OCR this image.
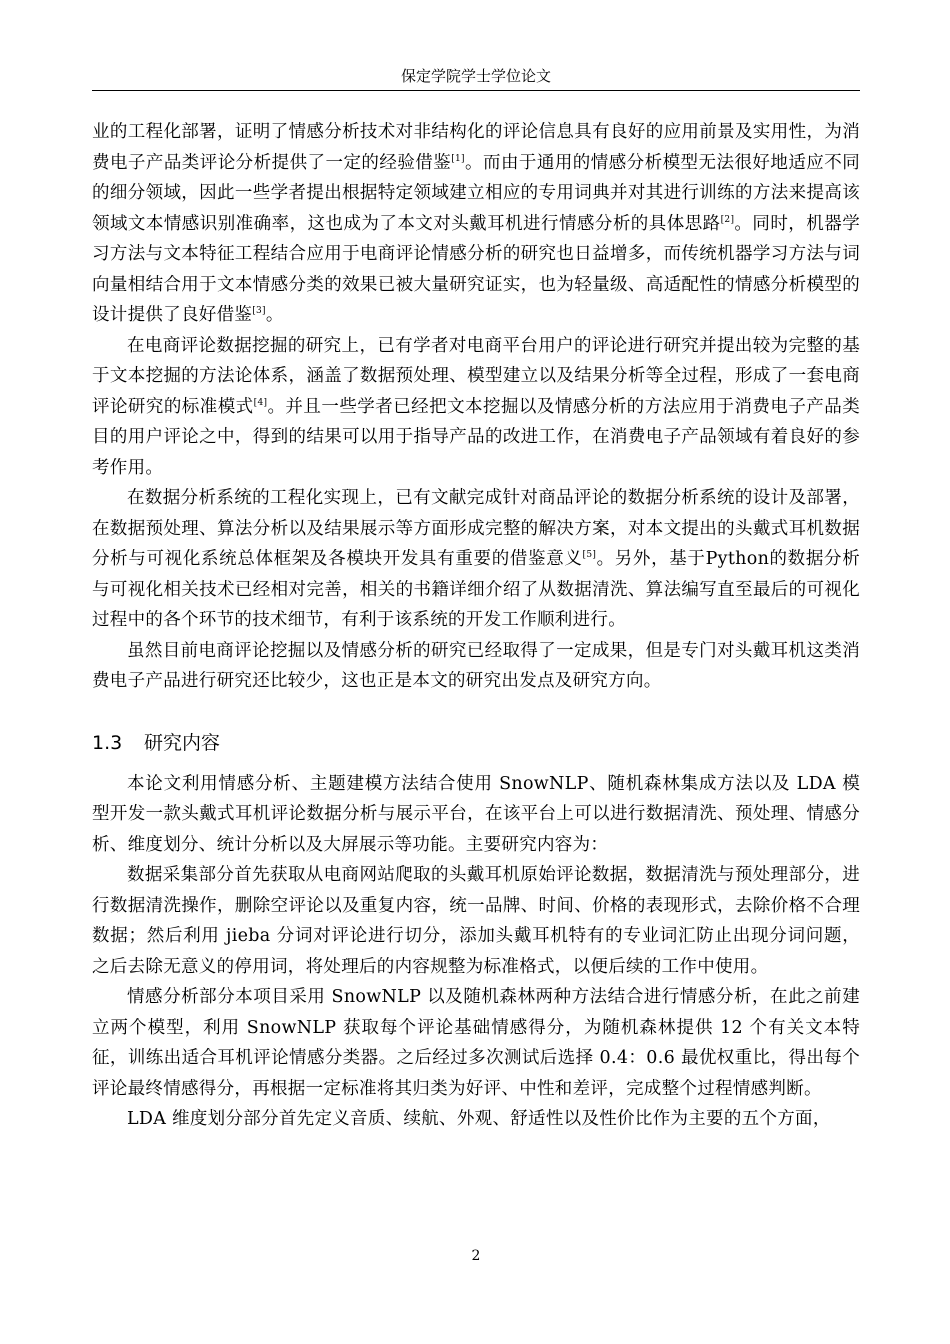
保定学院学士学位论文

业的工程化部署，证明了情感分析技术对非结构化的评论信息具有良好的应用前景及实用性，为消费电子产品类评论分析提供了一定的经验借鉴[1]。而由于通用的情感分析模型无法很好地适应不同的细分领域，因此一些学者提出根据特定领域建立相应的专用词典并对其进行训练的方法来提高该领域文本情感识别准确率，这也成为了本文对头戴耳机进行情感分析的具体思路[2]。同时，机器学习方法与文本特征工程结合应用于电商评论情感分析的研究也日益增多，而传统机器学习方法与词向量相结合用于文本情感分类的效果已被大量研究证实，也为轻量级、高适配性的情感分析模型的设计提供了良好借鉴[3]。

在电商评论数据挖掘的研究上，已有学者对电商平台用户的评论进行研究并提出较为完整的基于文本挖掘的方法论体系，涵盖了数据预处理、模型建立以及结果分析等全过程，形成了一套电商评论研究的标准模式[4]。并且一些学者已经把文本挖掘以及情感分析的方法应用于消费电子产品类目的用户评论之中，得到的结果可以用于指导产品的改进工作，在消费电子产品领域有着良好的参考作用。

在数据分析系统的工程化实现上，已有文献完成针对商品评论的数据分析系统的设计及部署，在数据预处理、算法分析以及结果展示等方面形成完整的解决方案，对本文提出的头戴式耳机数据分析与可视化系统总体框架及各模块开发具有重要的借鉴意义[5]。另外，基于Python的数据分析与可视化相关技术已经相对完善，相关的书籍详细介绍了从数据清洗、算法编写直至最后的可视化过程中的各个环节的技术细节，有利于该系统的开发工作顺利进行。

虽然目前电商评论挖掘以及情感分析的研究已经取得了一定成果，但是专门对头戴耳机这类消费电子产品进行研究还比较少，这也正是本文的研究出发点及研究方向。

1.3 研究内容

本论文利用情感分析、主题建模方法结合使用 SnowNLP、随机森林集成方法以及 LDA 模型开发一款头戴式耳机评论数据分析与展示平台，在该平台上可以进行数据清洗、预处理、情感分析、维度划分、统计分析以及大屏展示等功能。主要研究内容为：

数据采集部分首先获取从电商网站爬取的头戴耳机原始评论数据，数据清洗与预处理部分，进行数据清洗操作，删除空评论以及重复内容，统一品牌、时间、价格的表现形式，去除价格不合理数据；然后利用 jieba 分词对评论进行切分，添加头戴耳机特有的专业词汇防止出现分词问题，之后去除无意义的停用词，将处理后的内容规整为标准格式，以便后续的工作中使用。

情感分析部分本项目采用 SnowNLP 以及随机森林两种方法结合进行情感分析，在此之前建立两个模型，利用 SnowNLP 获取每个评论基础情感得分，为随机森林提供 12 个有关文本特征，训练出适合耳机评论情感分类器。之后经过多次测试后选择 0.4：0.6 最优权重比，得出每个评论最终情感得分，再根据一定标准将其归类为好评、中性和差评，完成整个过程情感判断。

LDA 维度划分部分首先定义音质、续航、外观、舒适性以及性价比作为主要的五个方面，

2
